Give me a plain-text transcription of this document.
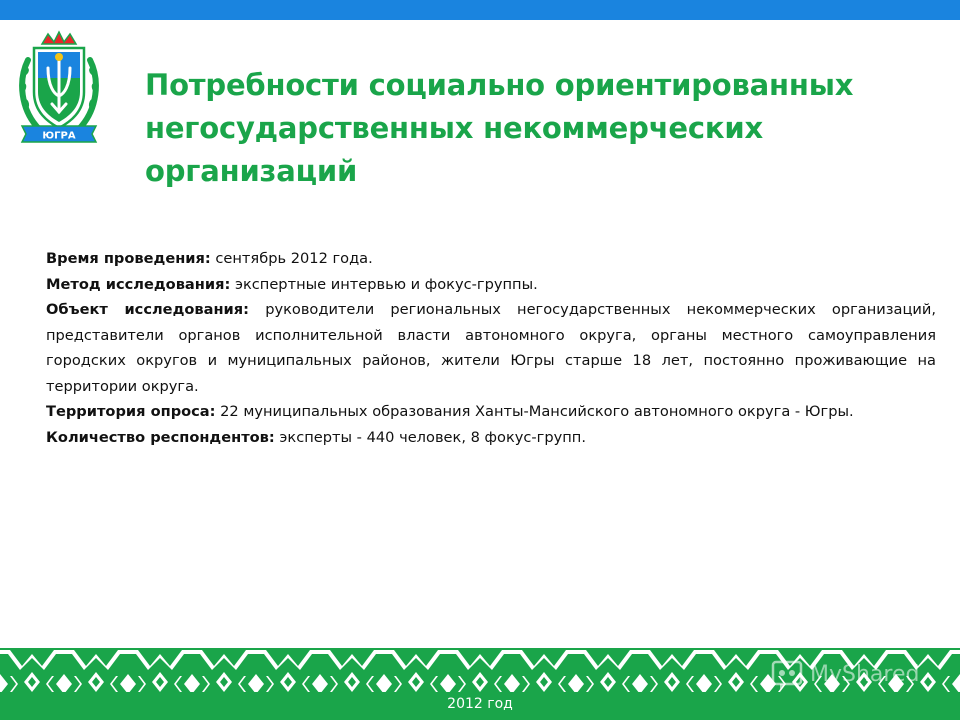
ЮГРА
Потребности социально ориентированных негосударственных некоммерческих организаций

Время проведения: сентябрь 2012 года.

Метод исследования: экспертные интервью и фокус-группы.

Объект исследования: руководители региональных негосударственных некоммерческих организаций, представители органов исполнительной власти автономного округа, органы местного самоуправления городских округов и муниципальных районов, жители Югры старше 18 лет, постоянно проживающие на территории округа.

Территория опроса: 22 муниципальных образования Ханты-Мансийского автономного округа - Югры.

Количество респондентов: эксперты - 440 человек, 8 фокус-групп.

MyShared
2012 год
